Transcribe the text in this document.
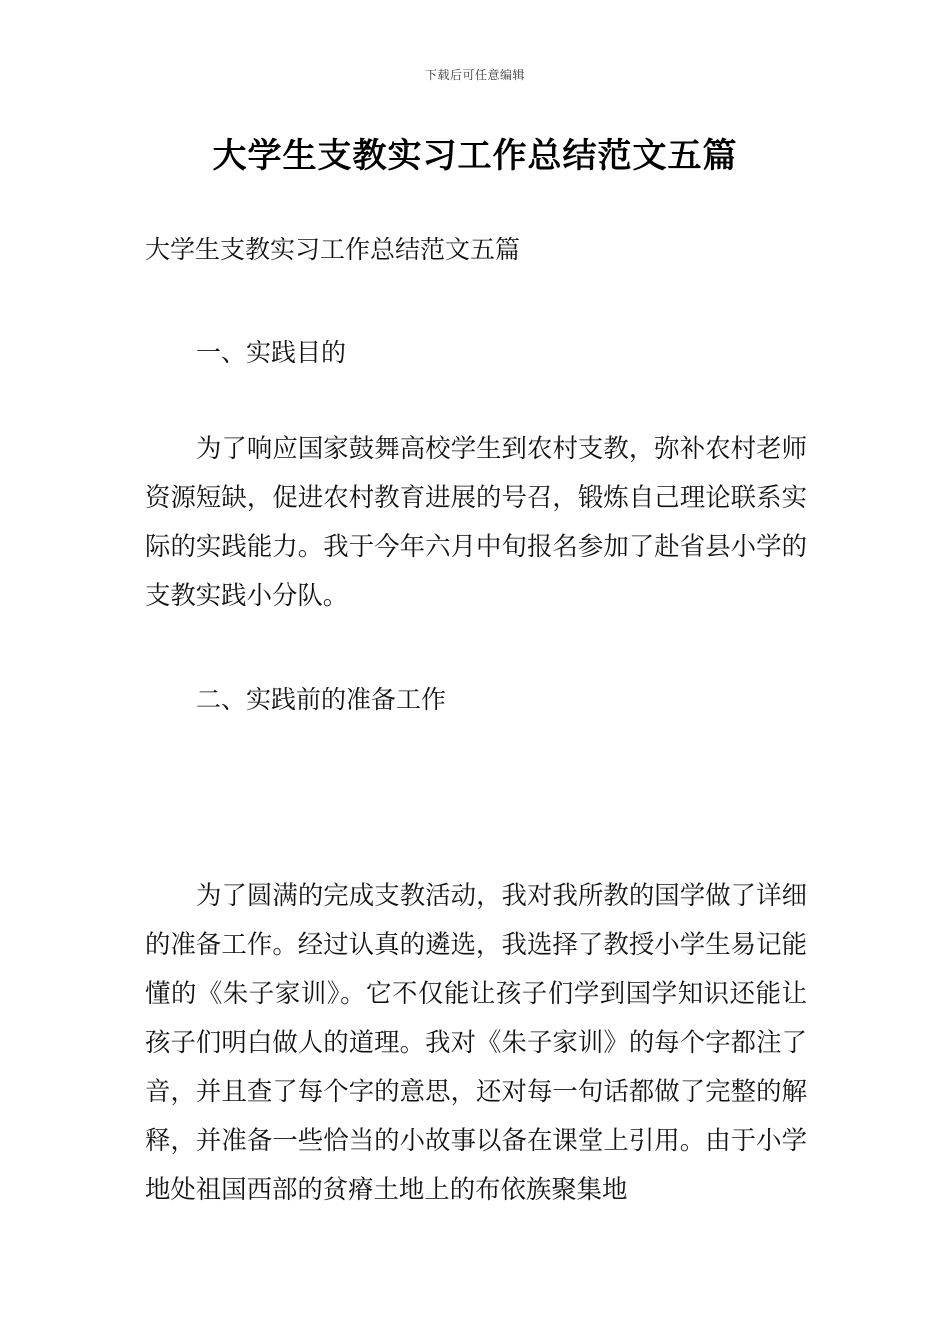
下载后可任意编辑
大学生支教实习工作总结范文五篇

大学生支教实习工作总结范文五篇

一、实践目的

为了响应国家鼓舞高校学生到农村支教，弥补农村老师资源短缺，促进农村教育进展的号召，锻炼自己理论联系实际的实践能力。我于今年六月中旬报名参加了赴省县小学的支教实践小分队。

二、实践前的准备工作

为了圆满的完成支教活动，我对我所教的国学做了详细的准备工作。经过认真的遴选，我选择了教授小学生易记能懂的《朱子家训》。它不仅能让孩子们学到国学知识还能让孩子们明白做人的道理。我对《朱子家训》的每个字都注了音，并且查了每个字的意思，还对每一句话都做了完整的解释，并准备一些恰当的小故事以备在课堂上引用。由于小学地处祖国西部的贫瘠土地上的布依族聚集地
